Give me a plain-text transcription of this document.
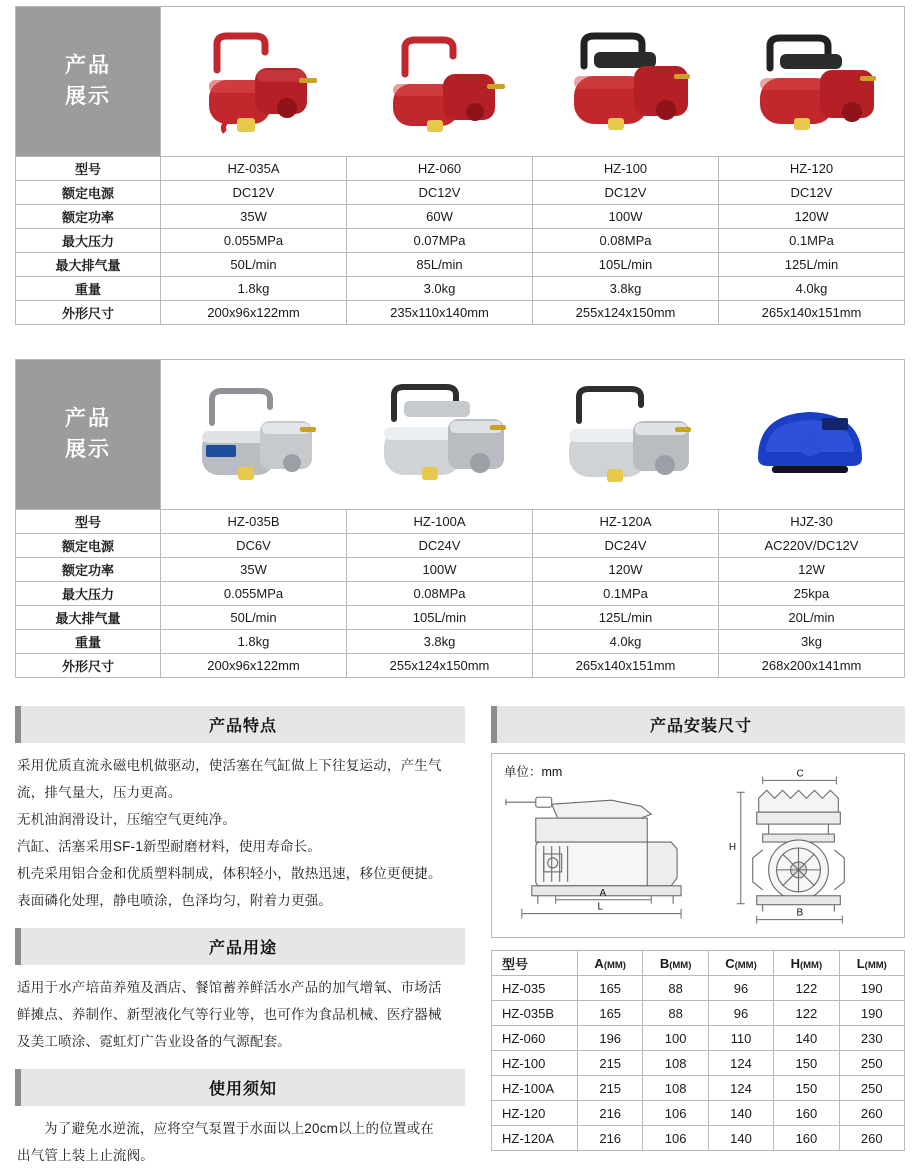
产品
展示
型号	HZ-035A	HZ-060	HZ-100	HZ-120
额定电源	DC12V	DC12V	DC12V	DC12V
额定功率	35W	60W	100W	120W
最大压力	0.055MPa	0.07MPa	0.08MPa	0.1MPa
最大排气量	50L/min	85L/min	105L/min	125L/min
重量	1.8kg	3.0kg	3.8kg	4.0kg
外形尺寸	200x96x122mm	235x110x140mm	255x124x150mm	265x140x151mm
产品
展示
型号	HZ-035B	HZ-100A	HZ-120A	HJZ-30
额定电源	DC6V	DC24V	DC24V	AC220V/DC12V
额定功率	35W	100W	120W	12W
最大压力	0.055MPa	0.08MPa	0.1MPa	25kpa
最大排气量	50L/min	105L/min	125L/min	20L/min
重量	1.8kg	3.8kg	4.0kg	3kg
外形尺寸	200x96x122mm	255x124x150mm	265x140x151mm	268x200x141mm
产品特点

采用优质直流永磁电机做驱动，使活塞在气缸做上下往复运动，产生气

流，排气量大，压力更高。

无机油润滑设计，压缩空气更纯净。

汽缸、活塞采用SF-1新型耐磨材料，使用寿命长。

机壳采用铝合金和优质塑料制成，体积轻小，散热迅速，移位更便捷。

表面磷化处理，静电喷涂，色泽均匀，附着力更强。

产品用途

适用于水产培苗养殖及酒店、餐馆蓄养鲜活水产品的加气增氧、市场活

鲜摊点、养制作、新型液化气等行业等，也可作为食品机械、医疗器械

及美工喷涂、霓虹灯广告业设备的气源配套。

使用须知

为了避免水逆流，应将空气泵置于水面以上20cm以上的位置或在

出气管上装上止流阀。

产品安装尺寸
单位：mm
L
A
C
H
B
型号	A(MM)	B(MM)	C(MM)	H(MM)	L(MM)
HZ-035	165	88	96	122	190
HZ-035B	165	88	96	122	190
HZ-060	196	100	110	140	230
HZ-100	215	108	124	150	250
HZ-100A	215	108	124	150	250
HZ-120	216	106	140	160	260
HZ-120A	216	106	140	160	260
